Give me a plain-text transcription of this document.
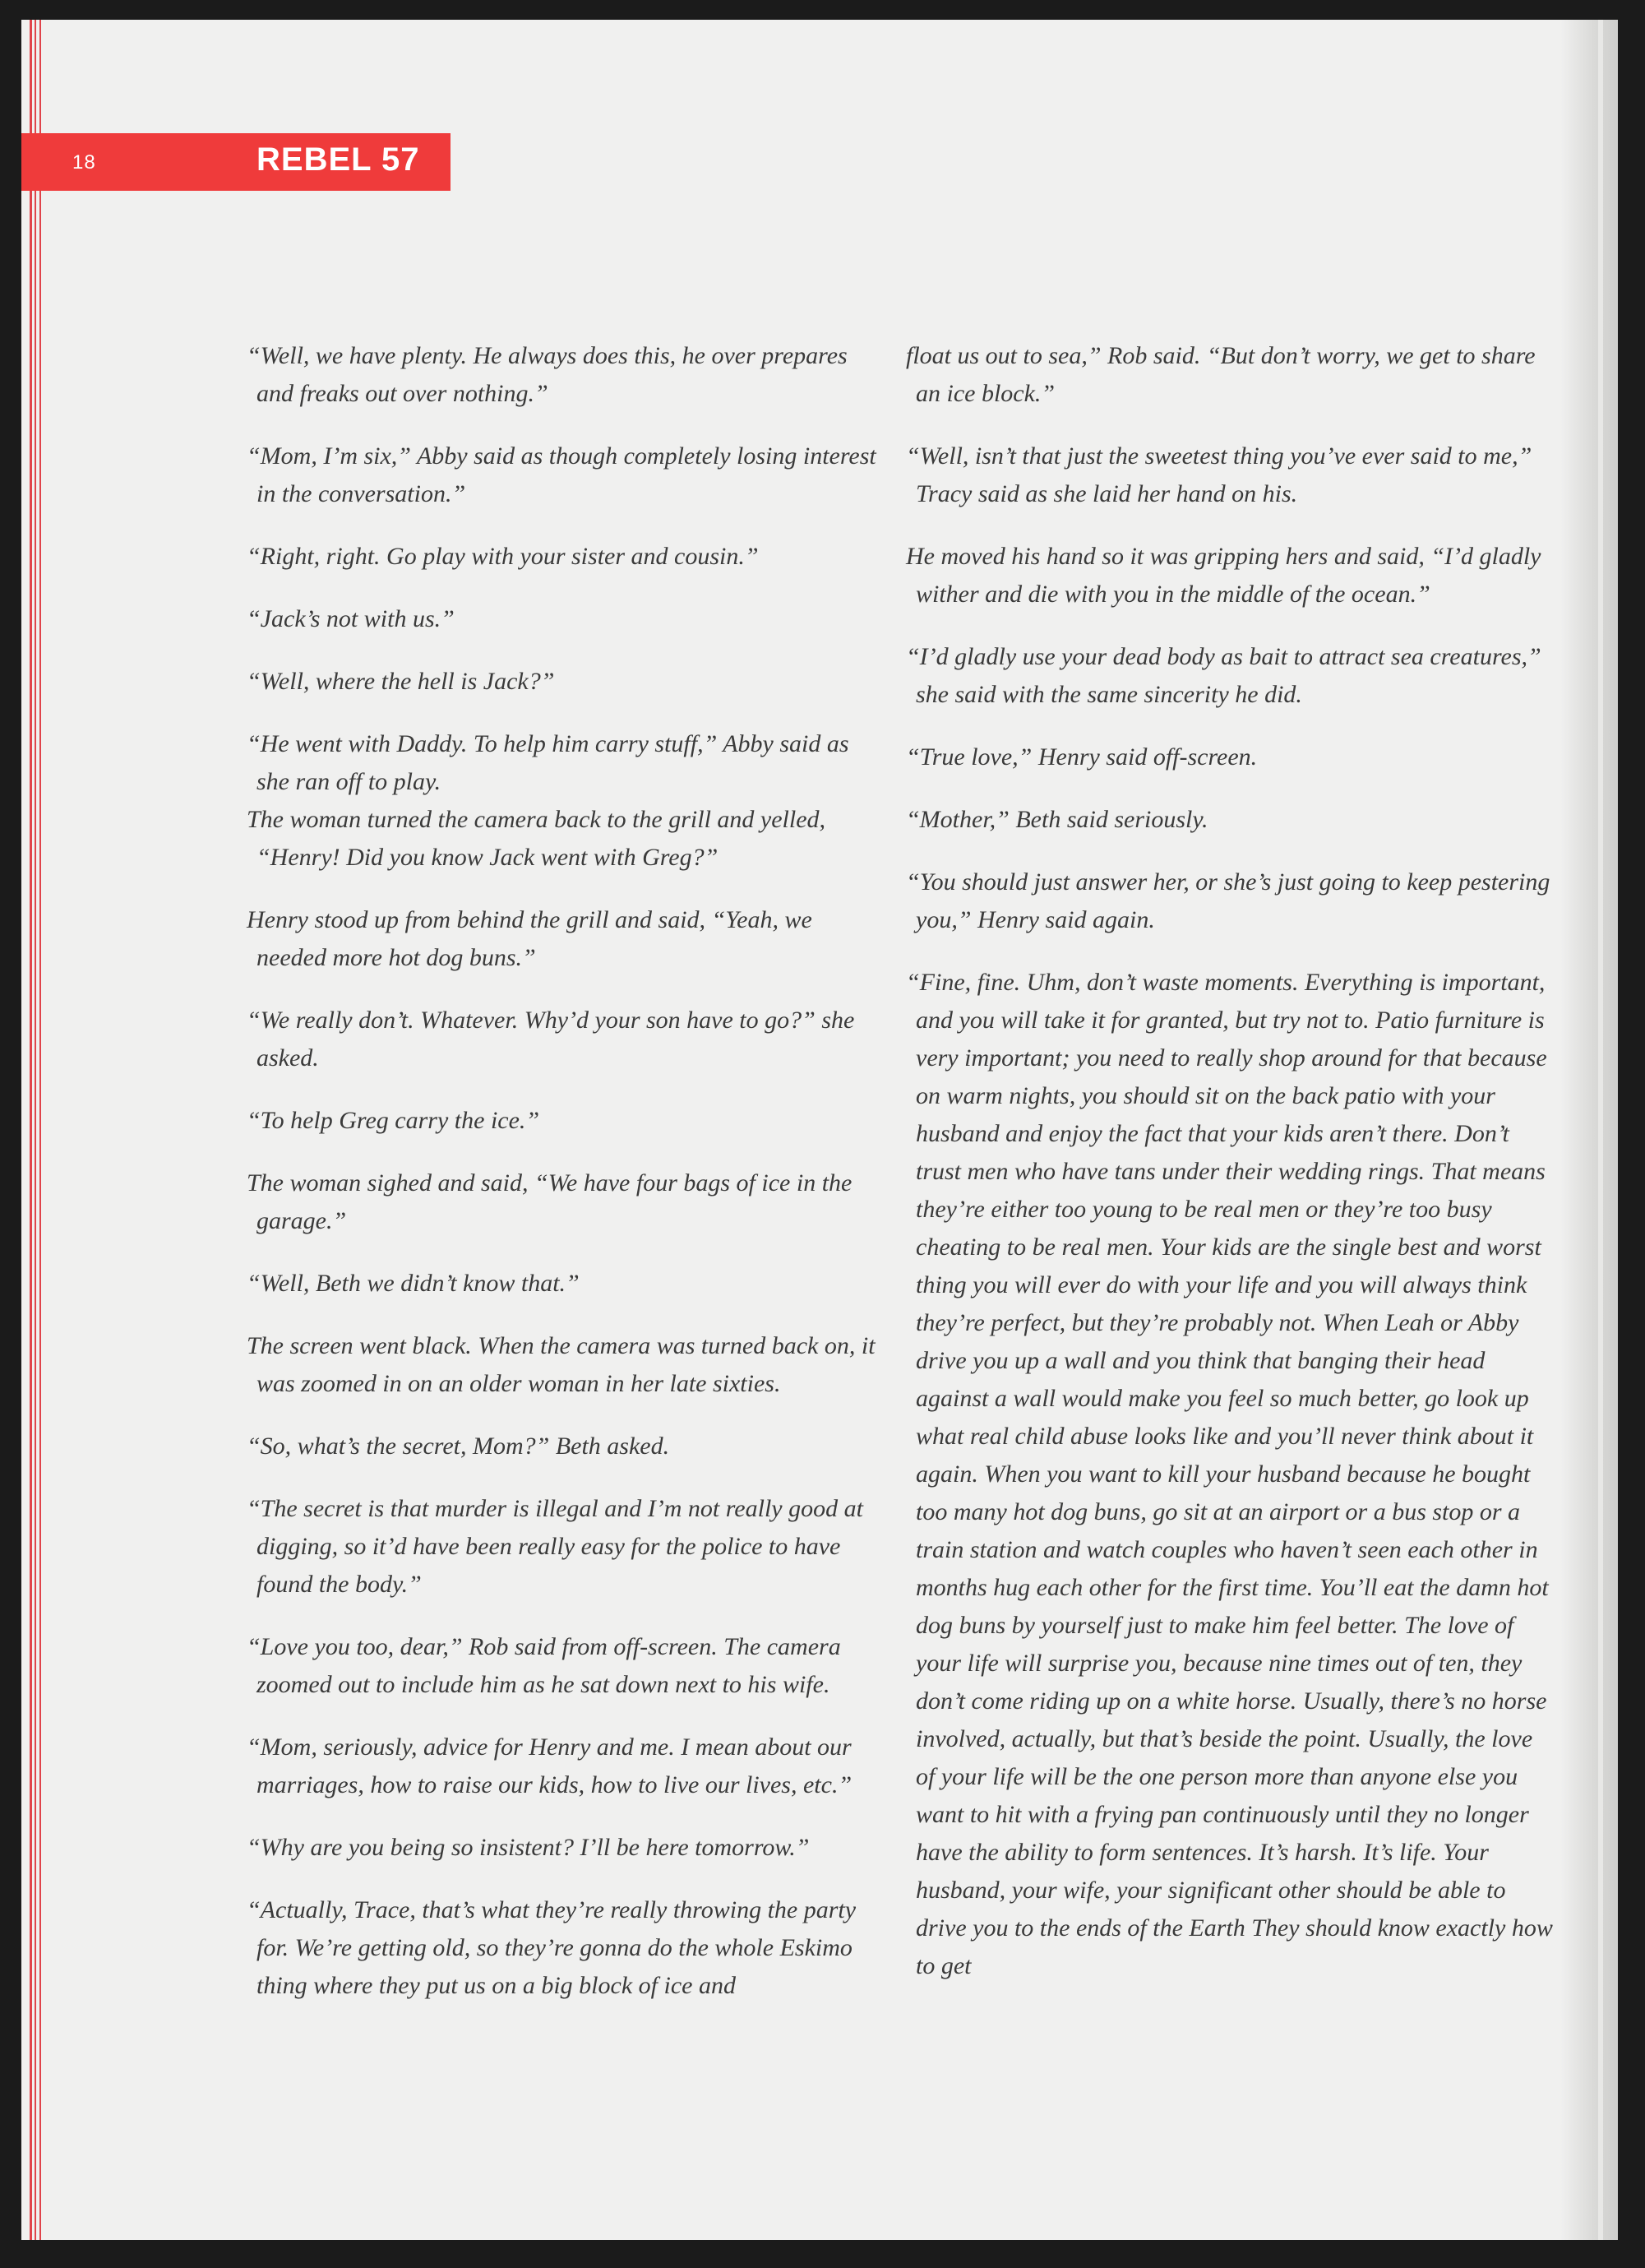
18	REBEL 57

“Well, we have plenty. He always does this, he over prepares and freaks out over nothing.”

“Mom, I’m six,” Abby said as though completely losing interest in the conversation.”

“Right, right. Go play with your sister and cousin.”

“Jack’s not with us.”

“Well, where the hell is Jack?”

“He went with Daddy. To help him carry stuff,” Abby said as she ran off to play.

The woman turned the camera back to the grill and yelled, “Henry! Did you know Jack went with Greg?”

Henry stood up from behind the grill and said, “Yeah, we needed more hot dog buns.”

“We really don’t. Whatever. Why’d your son have to go?” she asked.

“To help Greg carry the ice.”

The woman sighed and said, “We have four bags of ice in the garage.”

“Well, Beth we didn’t know that.”

The screen went black. When the camera was turned back on, it was zoomed in on an older woman in her late sixties.

“So, what’s the secret, Mom?” Beth asked.

“The secret is that murder is illegal and I’m not really good at digging, so it’d have been really easy for the police to have found the body.”

“Love you too, dear,” Rob said from off-screen. The camera zoomed out to include him as he sat down next to his wife.

“Mom, seriously, advice for Henry and me. I mean about our marriages, how to raise our kids, how to live our lives, etc.”

“Why are you being so insistent? I’ll be here tomorrow.”

“Actually, Trace, that’s what they’re really throwing the party for. We’re getting old, so they’re gonna do the whole Eskimo thing where they put us on a big block of ice and

float us out to sea,” Rob said. “But don’t worry, we get to share an ice block.”

“Well, isn’t that just the sweetest thing you’ve ever said to me,” Tracy said as she laid her hand on his.

He moved his hand so it was gripping hers and said, “I’d gladly wither and die with you in the middle of the ocean.”

“I’d gladly use your dead body as bait to attract sea creatures,” she said with the same sincerity he did.

“True love,” Henry said off-screen.

“Mother,” Beth said seriously.

“You should just answer her, or she’s just going to keep pestering you,” Henry said again.

“Fine, fine. Uhm, don’t waste moments. Everything is important, and you will take it for granted, but try not to. Patio furniture is very important; you need to really shop around for that because on warm nights, you should sit on the back patio with your husband and enjoy the fact that your kids aren’t there. Don’t trust men who have tans under their wedding rings. That means they’re either too young to be real men or they’re too busy cheating to be real men. Your kids are the single best and worst thing you will ever do with your life and you will always think they’re perfect, but they’re probably not. When Leah or Abby drive you up a wall and you think that banging their head against a wall would make you feel so much better, go look up what real child abuse looks like and you’ll never think about it again. When you want to kill your husband because he bought too many hot dog buns, go sit at an airport or a bus stop or a train station and watch couples who haven’t seen each other in months hug each other for the first time. You’ll eat the damn hot dog buns by yourself just to make him feel better. The love of your life will surprise you, because nine times out of ten, they don’t come riding up on a white horse. Usually, there’s no horse involved, actually, but that’s beside the point. Usually, the love of your life will be the one person more than anyone else you want to hit with a frying pan continuously until they no longer have the ability to form sentences. It’s harsh. It’s life. Your husband, your wife, your significant other should be able to drive you to the ends of the Earth They should know exactly how to get
